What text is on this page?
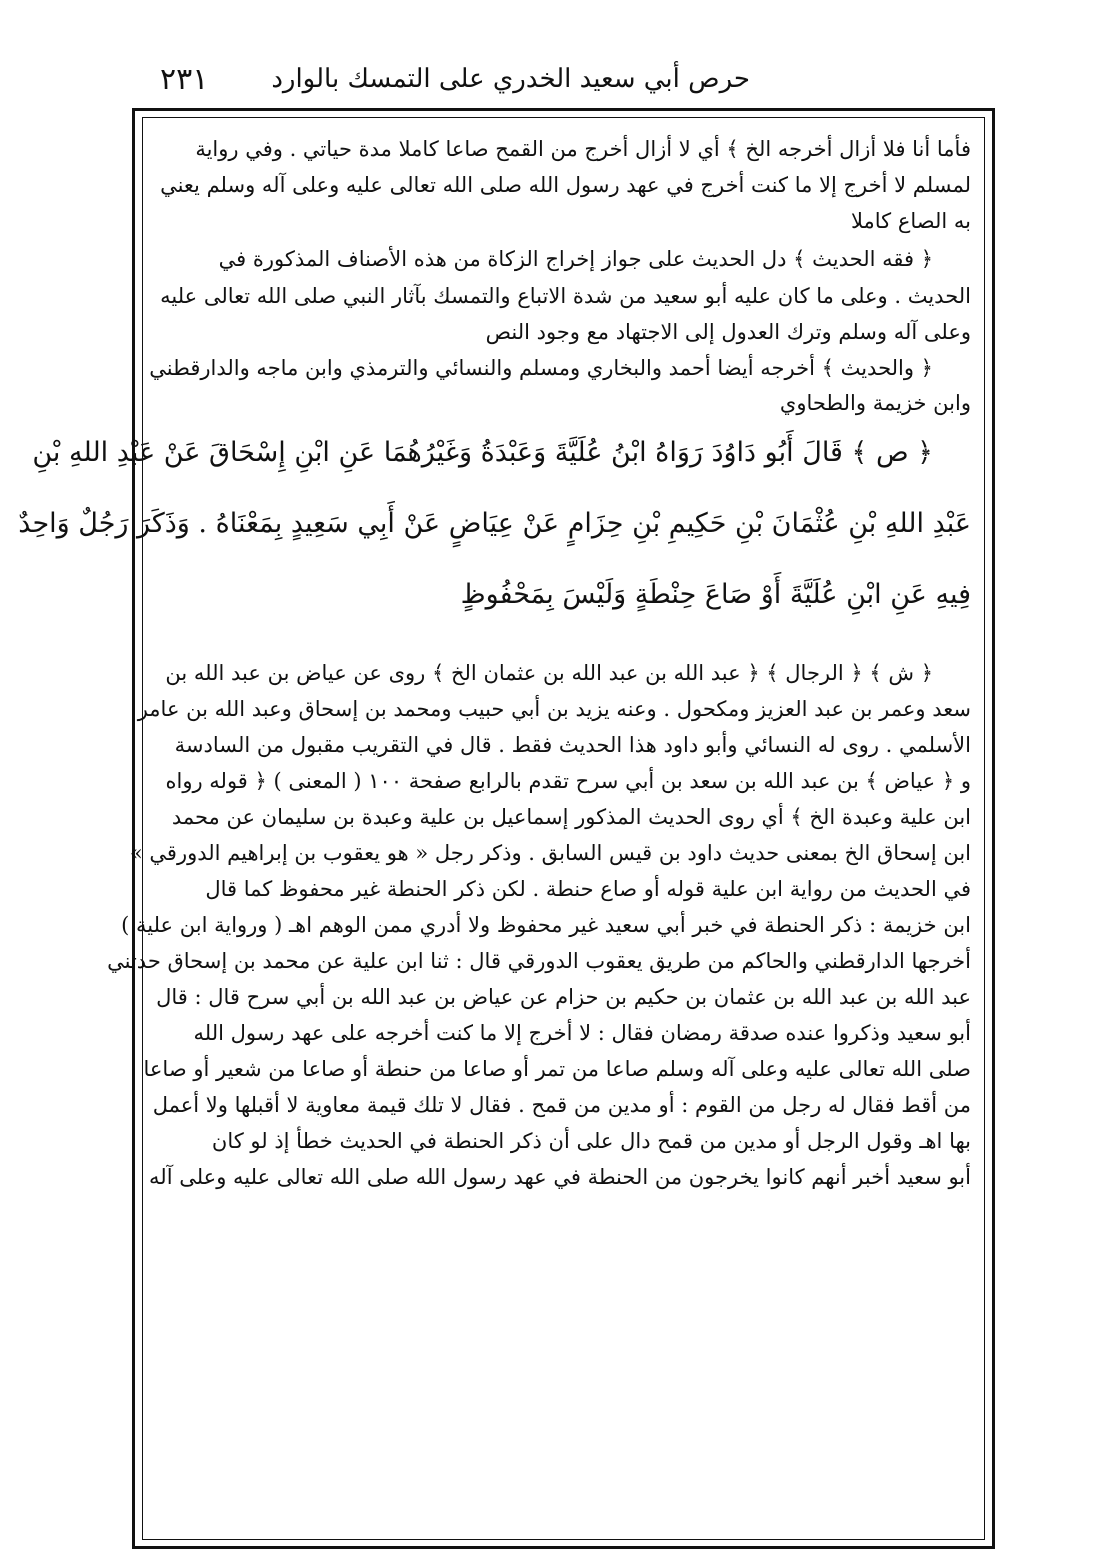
حرص أبي سعيد الخدري على التمسك بالوارد
٢٣١
فأما أنا فلا أزال أخرجه الخ ﴾ أي لا أزال أخرج من القمح صاعا كاملا مدة حياتي . وفي رواية
لمسلم لا أخرج إلا ما كنت أخرج في عهد رسول الله صلى الله تعالى عليه وعلى آله وسلم يعني
به الصاع كاملا
﴿ فقه الحديث ﴾ دل الحديث على جواز إخراج الزكاة من هذه الأصناف المذكورة في
الحديث . وعلى ما كان عليه أبو سعيد من شدة الاتباع والتمسك بآثار النبي صلى الله تعالى عليه
وعلى آله وسلم وترك العدول إلى الاجتهاد مع وجود النص
﴿ والحديث ﴾ أخرجه أيضا أحمد والبخاري ومسلم والنسائي والترمذي وابن ماجه والدارقطني
وابن خزيمة والطحاوي
﴿ ص ﴾ قَالَ أَبُو دَاوُدَ رَوَاهُ ابْنُ عُلَيَّةَ وَعَبْدَةُ وَغَيْرُهُمَا عَنِ ابْنِ إِسْحَاقَ عَنْ عَبْدِ اللهِ بْنِ
عَبْدِ اللهِ بْنِ عُثْمَانَ بْنِ حَكِيمِ بْنِ حِزَامٍ عَنْ عِيَاضٍ عَنْ أَبِي سَعِيدٍ بِمَعْنَاهُ . وَذَكَرَ رَجُلٌ وَاحِدٌ
فِيهِ عَنِ ابْنِ عُلَيَّةَ أَوْ صَاعَ حِنْطَةٍ وَلَيْسَ بِمَحْفُوظٍ
﴿ ش ﴾ ﴿ الرجال ﴾ ﴿ عبد الله بن عبد الله بن عثمان الخ ﴾ روى عن عياض بن عبد الله بن
سعد وعمر بن عبد العزيز ومكحول . وعنه يزيد بن أبي حبيب ومحمد بن إسحاق وعبد الله بن عامر
الأسلمي . روى له النسائي وأبو داود هذا الحديث فقط . قال في التقريب مقبول من السادسة
و ﴿ عياض ﴾ بن عبد الله بن سعد بن أبي سرح تقدم بالرابع صفحة ١٠٠ ( المعنى ) ﴿ قوله رواه
ابن علية وعبدة الخ ﴾ أي روى الحديث المذكور إسماعيل بن علية وعبدة بن سليمان عن محمد
ابن إسحاق الخ بمعنى حديث داود بن قيس السابق . وذكر رجل « هو يعقوب بن إبراهيم الدورقي »
في الحديث من رواية ابن علية قوله أو صاع حنطة . لكن ذكر الحنطة غير محفوظ كما قال
ابن خزيمة : ذكر الحنطة في خبر أبي سعيد غير محفوظ ولا أدري ممن الوهم اهـ ( ورواية ابن علية )
أخرجها الدارقطني والحاكم من طريق يعقوب الدورقي قال : ثنا ابن علية عن محمد بن إسحاق حدثني
عبد الله بن عبد الله بن عثمان بن حكيم بن حزام عن عياض بن عبد الله بن أبي سرح قال : قال
أبو سعيد وذكروا عنده صدقة رمضان فقال : لا أخرج إلا ما كنت أخرجه على عهد رسول الله
صلى الله تعالى عليه وعلى آله وسلم صاعا من تمر أو صاعا من حنطة أو صاعا من شعير أو صاعا
من أقط فقال له رجل من القوم : أو مدين من قمح . فقال لا تلك قيمة معاوية لا أقبلها ولا أعمل
بها اهـ وقول الرجل أو مدين من قمح دال على أن ذكر الحنطة في الحديث خطأ إذ لو كان
أبو سعيد أخبر أنهم كانوا يخرجون من الحنطة في عهد رسول الله صلى الله تعالى عليه وعلى آله
